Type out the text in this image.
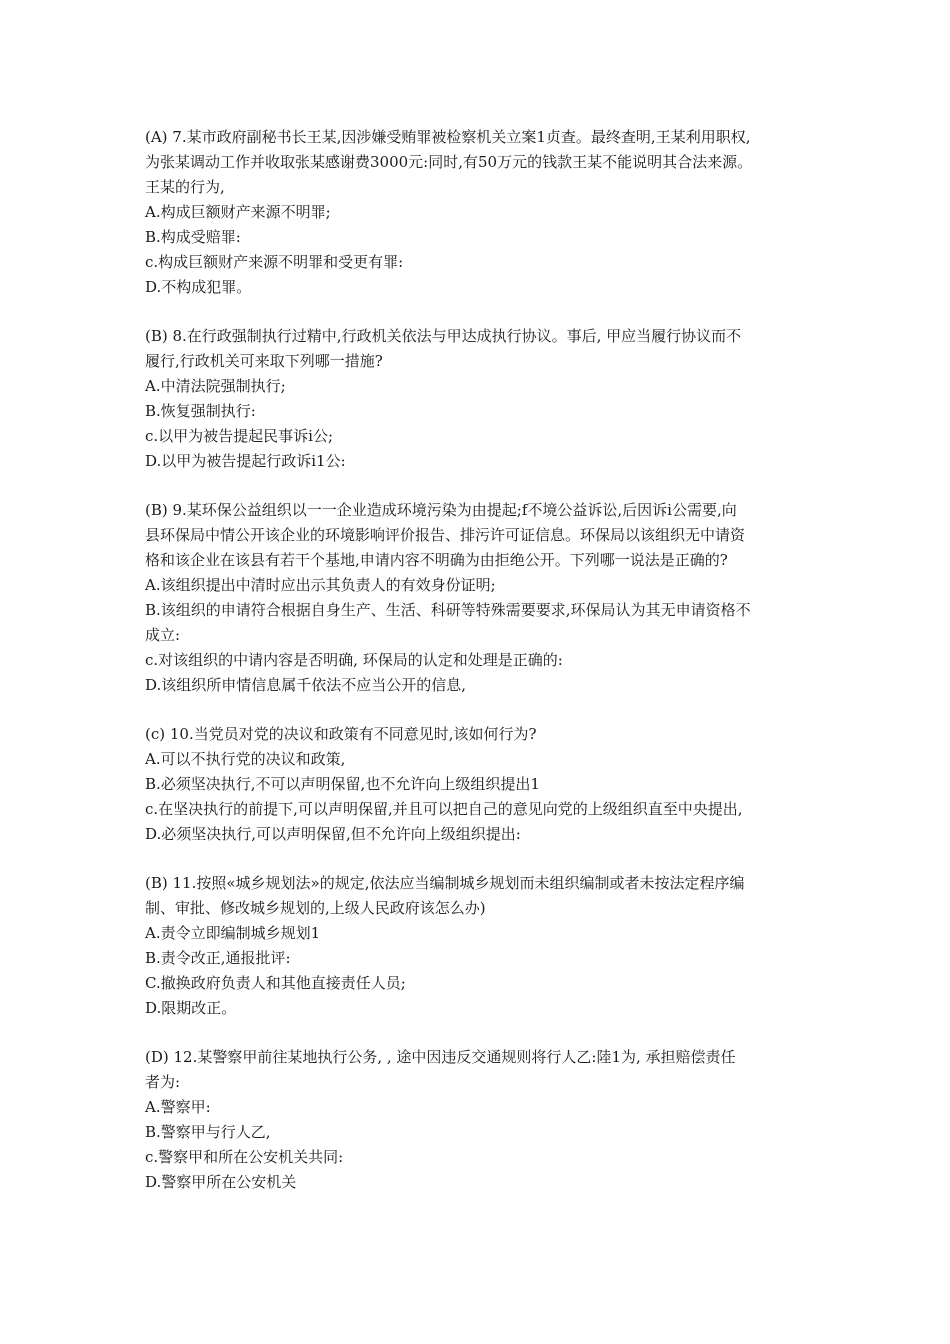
(A) 7.某市政府副秘书长王某,因涉嫌受贿罪被检察机关立案1贞查。最终查明,王某利用职权,
为张某调动工作并收取张某感谢费3000元:同时,有50万元的钱款王某不能说明其合法来源。
王某的行为,
A.构成巨额财产来源不明罪;
B.构成受赔罪:
c.构成巨额财产来源不明罪和受更有罪:
D.不构成犯罪。
(B) 8.在行政强制执行过精中,行政机关依法与甲达成执行协议。事后, 甲应当履行协议而不
履行,行政机关可来取下列哪一措施?
A.中清法院强制执行;
B.恢复强制执行:
c.以甲为被告提起民事诉i公;
D.以甲为被告提起行政诉i1公:
(B) 9.某环保公益组织以一一企业造成环境污染为由提起;f不境公益诉讼,后因诉i公需要,向
县环保局中情公开该企业的环境影响评价报告、排污许可证信息。环保局以该组织无中请资
格和该企业在该县有若干个基地,申请内容不明确为由拒绝公开。下列哪一说法是正确的?
A.该组织提出中清时应出示其负责人的有效身份证明;
B.该组织的申请符合根据自身生产、生活、科研等特殊需要要求,环保局认为其无申请资格不
成立:
c.对该组织的中请内容是否明确, 环保局的认定和处理是正确的:
D.该组织所申情信息属千依法不应当公开的信息,
(c) 10.当党员对党的决议和政策有不同意见时,该如何行为?
A.可以不执行党的决议和政策,
B.必须坚决执行,不可以声明保留,也不允许向上级组织提出1
c.在坚决执行的前提下,可以声明保留,并且可以把自己的意见向党的上级组织直至中央提出,
D.必须坚决执行,可以声明保留,但不允许向上级组织提出:
(B) 11.按照«城乡规划法»的规定,依法应当编制城乡规划而未组织编制或者未按法定程序编
制、审批、修改城乡规划的,上级人民政府该怎么办)
A.责令立即编制城乡规划1
B.责令改正,通报批评:
C.撤换政府负责人和其他直接责任人员;
D.限期改正。
(D) 12.某警察甲前往某地执行公务, , 途中因违反交通规则将行人乙:陸1为, 承担赔偿责任
者为:
A.警察甲:
B.警察甲与行人乙,
c.警察甲和所在公安机关共同:
D.警察甲所在公安机关
